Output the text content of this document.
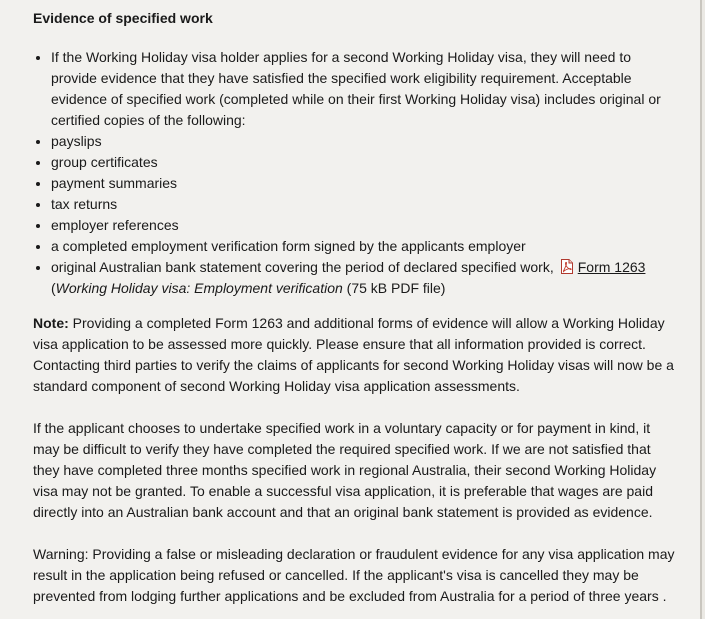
Evidence of specified work
• If the Working Holiday visa holder applies for a second Working Holiday visa, they will need to provide evidence that they have satisfied the specified work eligibility requirement. Acceptable evidence of specified work (completed while on their first Working Holiday visa) includes original or certified copies of the following:
• payslips
• group certificates
• payment summaries
• tax returns
• employer references
• a completed employment verification form signed by the applicants employer
• original Australian bank statement covering the period of declared specified work, Form 1263
(Working Holiday visa: Employment verification (75 kB PDF file)

Note: Providing a completed Form 1263 and additional forms of evidence will allow a Working Holiday visa application to be assessed more quickly. Please ensure that all information provided is correct. Contacting third parties to verify the claims of applicants for second Working Holiday visas will now be a standard component of second Working Holiday visa application assessments.

If the applicant chooses to undertake specified work in a voluntary capacity or for payment in kind, it may be difficult to verify they have completed the required specified work. If we are not satisfied that they have completed three months specified work in regional Australia, their second Working Holiday visa may not be granted. To enable a successful visa application, it is preferable that wages are paid directly into an Australian bank account and that an original bank statement is provided as evidence.

Warning: Providing a false or misleading declaration or fraudulent evidence for any visa application may result in the application being refused or cancelled. If the applicant's visa is cancelled they may be prevented from lodging further applications and be excluded from Australia for a period of three years .
